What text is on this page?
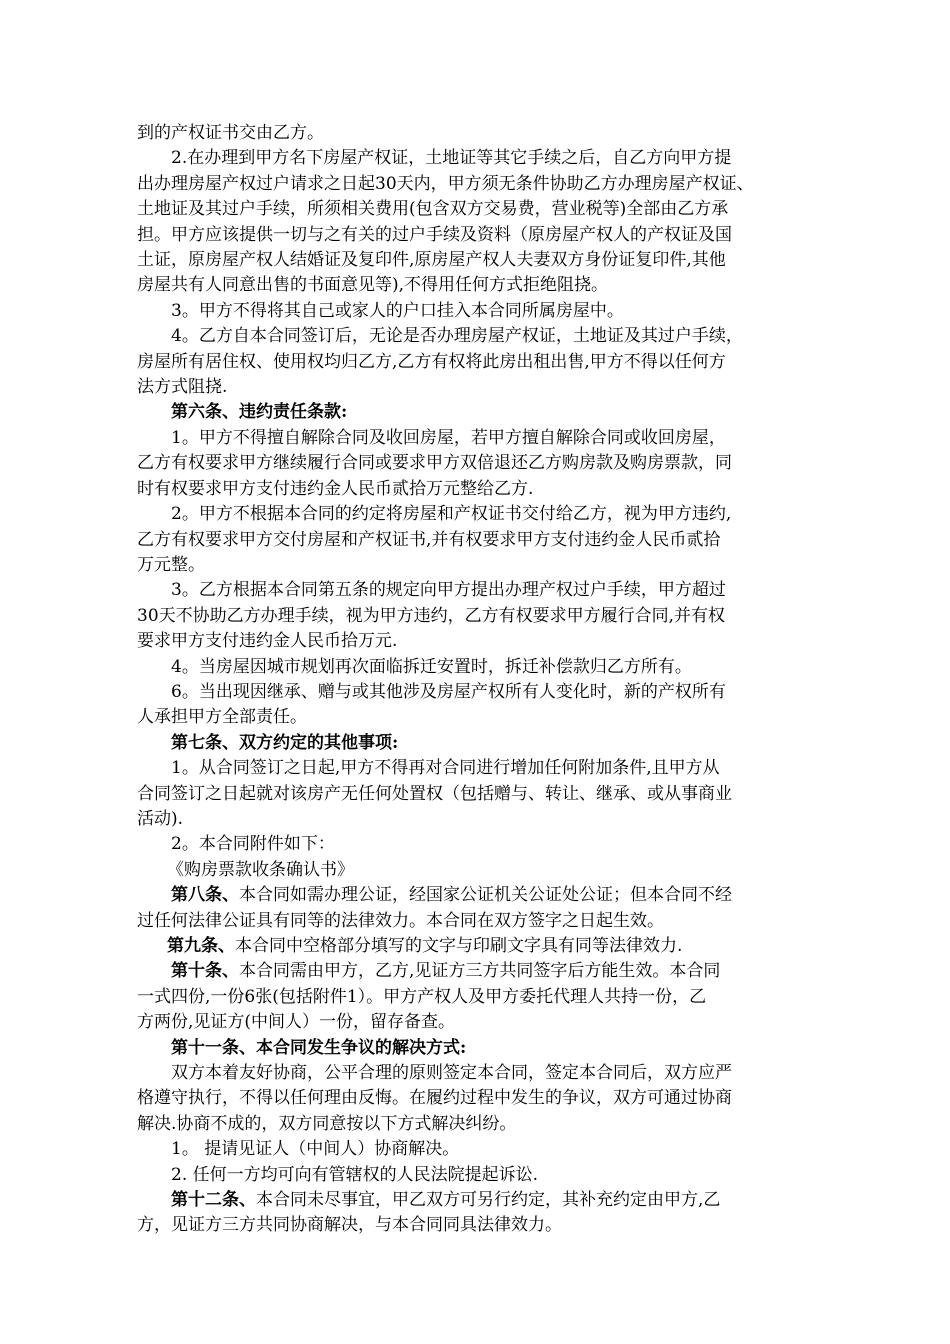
到的产权证书交由乙方。

2.在办理到甲方名下房屋产权证，土地证等其它手续之后，自乙方向甲方提
出办理房屋产权过户请求之日起30天内，甲方须无条件协助乙方办理房屋产权证、
土地证及其过户手续，所须相关费用(包含双方交易费，营业税等)全部由乙方承
担。甲方应该提供一切与之有关的过户手续及资料（原房屋产权人的产权证及国
土证，原房屋产权人结婚证及复印件,原房屋产权人夫妻双方身份证复印件,其他
房屋共有人同意出售的书面意见等),不得用任何方式拒绝阻挠。

3。甲方不得将其自己或家人的户口挂入本合同所属房屋中。

4。乙方自本合同签订后，无论是否办理房屋产权证，土地证及其过户手续，
房屋所有居住权、使用权均归乙方,乙方有权将此房出租出售,甲方不得以任何方
法方式阻挠.

第六条、违约责任条款:

1。甲方不得擅自解除合同及收回房屋，若甲方擅自解除合同或收回房屋，
乙方有权要求甲方继续履行合同或要求甲方双倍退还乙方购房款及购房票款，同
时有权要求甲方支付违约金人民币贰拾万元整给乙方.

2。甲方不根据本合同的约定将房屋和产权证书交付给乙方，视为甲方违约,
乙方有权要求甲方交付房屋和产权证书,并有权要求甲方支付违约金人民币贰拾
万元整。

3。乙方根据本合同第五条的规定向甲方提出办理产权过户手续，甲方超过
30天不协助乙方办理手续，视为甲方违约，乙方有权要求甲方履行合同,并有权
要求甲方支付违约金人民币拾万元.

4。当房屋因城市规划再次面临拆迁安置时，拆迁补偿款归乙方所有。

6。当出现因继承、赠与或其他涉及房屋产权所有人变化时，新的产权所有
人承担甲方全部责任。

第七条、双方约定的其他事项:

1。从合同签订之日起,甲方不得再对合同进行增加任何附加条件,且甲方从
合同签订之日起就对该房产无任何处置权（包括赠与、转让、继承、或从事商业
活动).

2。本合同附件如下：

《购房票款收条确认书》

第八条、本合同如需办理公证，经国家公证机关公证处公证；但本合同不经
过任何法律公证具有同等的法律效力。本合同在双方签字之日起生效。

第九条、本合同中空格部分填写的文字与印刷文字具有同等法律效力.

第十条、本合同需由甲方，乙方,见证方三方共同签字后方能生效。本合同
一式四份,一份6张(包括附件1）。甲方产权人及甲方委托代理人共持一份，乙
方两份,见证方(中间人）一份，留存备查。

第十一条、本合同发生争议的解决方式:

双方本着友好协商，公平合理的原则签定本合同，签定本合同后，双方应严
格遵守执行，不得以任何理由反悔。在履约过程中发生的争议，双方可通过协商
解决.协商不成的，双方同意按以下方式解决纠纷。

1。 提请见证人（中间人）协商解决。

2. 任何一方均可向有管辖权的人民法院提起诉讼.

第十二条、本合同未尽事宜，甲乙双方可另行约定，其补充约定由甲方,乙
方，见证方三方共同协商解决，与本合同同具法律效力。
